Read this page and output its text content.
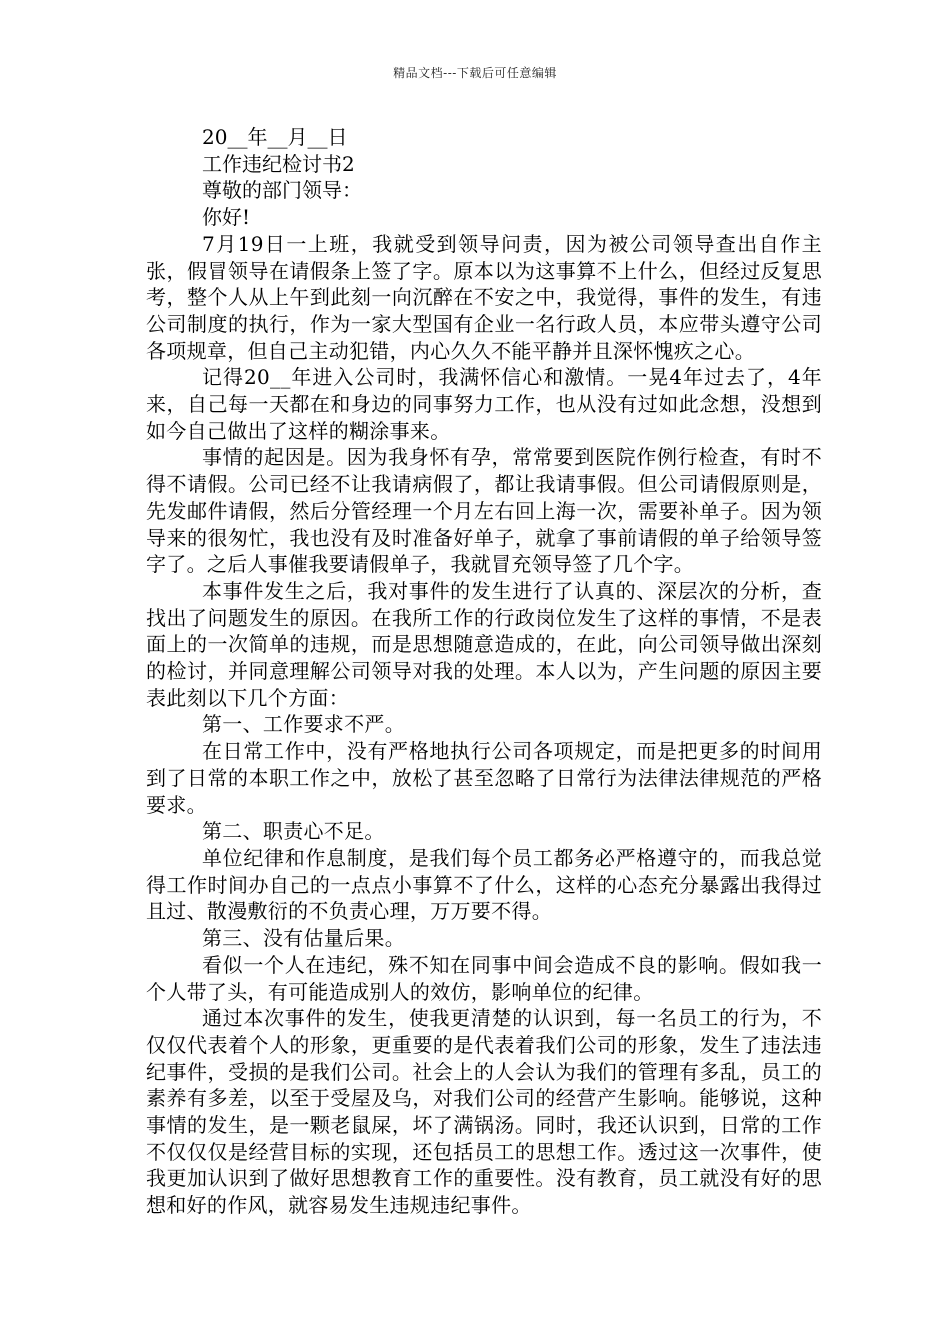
精品文档---下载后可任意编辑
20__年__月__日
工作违纪检讨书2
尊敬的部门领导：
你好!

7月19日一上班，我就受到领导问责，因为被公司领导查出自作主张，假冒领导在请假条上签了字。原本以为这事算不上什么，但经过反复思考，整个人从上午到此刻一向沉醉在不安之中，我觉得，事件的发生，有违公司制度的执行，作为一家大型国有企业一名行政人员，本应带头遵守公司各项规章，但自己主动犯错，内心久久不能平静并且深怀愧疚之心。

记得20__年进入公司时，我满怀信心和激情。一晃4年过去了，4年来，自己每一天都在和身边的同事努力工作，也从没有过如此念想，没想到如今自己做出了这样的糊涂事来。

事情的起因是。因为我身怀有孕，常常要到医院作例行检查，有时不得不请假。公司已经不让我请病假了，都让我请事假。但公司请假原则是，先发邮件请假，然后分管经理一个月左右回上海一次，需要补单子。因为领导来的很匆忙，我也没有及时准备好单子，就拿了事前请假的单子给领导签字了。之后人事催我要请假单子，我就冒充领导签了几个字。

本事件发生之后，我对事件的发生进行了认真的、深层次的分析，查找出了问题发生的原因。在我所工作的行政岗位发生了这样的事情，不是表面上的一次简单的违规，而是思想随意造成的，在此，向公司领导做出深刻的检讨，并同意理解公司领导对我的处理。本人以为，产生问题的原因主要表此刻以下几个方面：

第一、工作要求不严。

在日常工作中，没有严格地执行公司各项规定，而是把更多的时间用到了日常的本职工作之中，放松了甚至忽略了日常行为法律法律规范的严格要求。

第二、职责心不足。

单位纪律和作息制度，是我们每个员工都务必严格遵守的，而我总觉得工作时间办自己的一点点小事算不了什么，这样的心态充分暴露出我得过且过、散漫敷衍的不负责心理，万万要不得。

第三、没有估量后果。

看似一个人在违纪，殊不知在同事中间会造成不良的影响。假如我一个人带了头，有可能造成别人的效仿，影响单位的纪律。

通过本次事件的发生，使我更清楚的认识到，每一名员工的行为，不仅仅代表着个人的形象，更重要的是代表着我们公司的形象，发生了违法违纪事件，受损的是我们公司。社会上的人会认为我们的管理有多乱，员工的素养有多差，以至于受屋及乌，对我们公司的经营产生影响。能够说，这种事情的发生，是一颗老鼠屎，坏了满锅汤。同时，我还认识到，日常的工作不仅仅仅是经营目标的实现，还包括员工的思想工作。透过这一次事件，使我更加认识到了做好思想教育工作的重要性。没有教育，员工就没有好的思想和好的作风，就容易发生违规违纪事件。
